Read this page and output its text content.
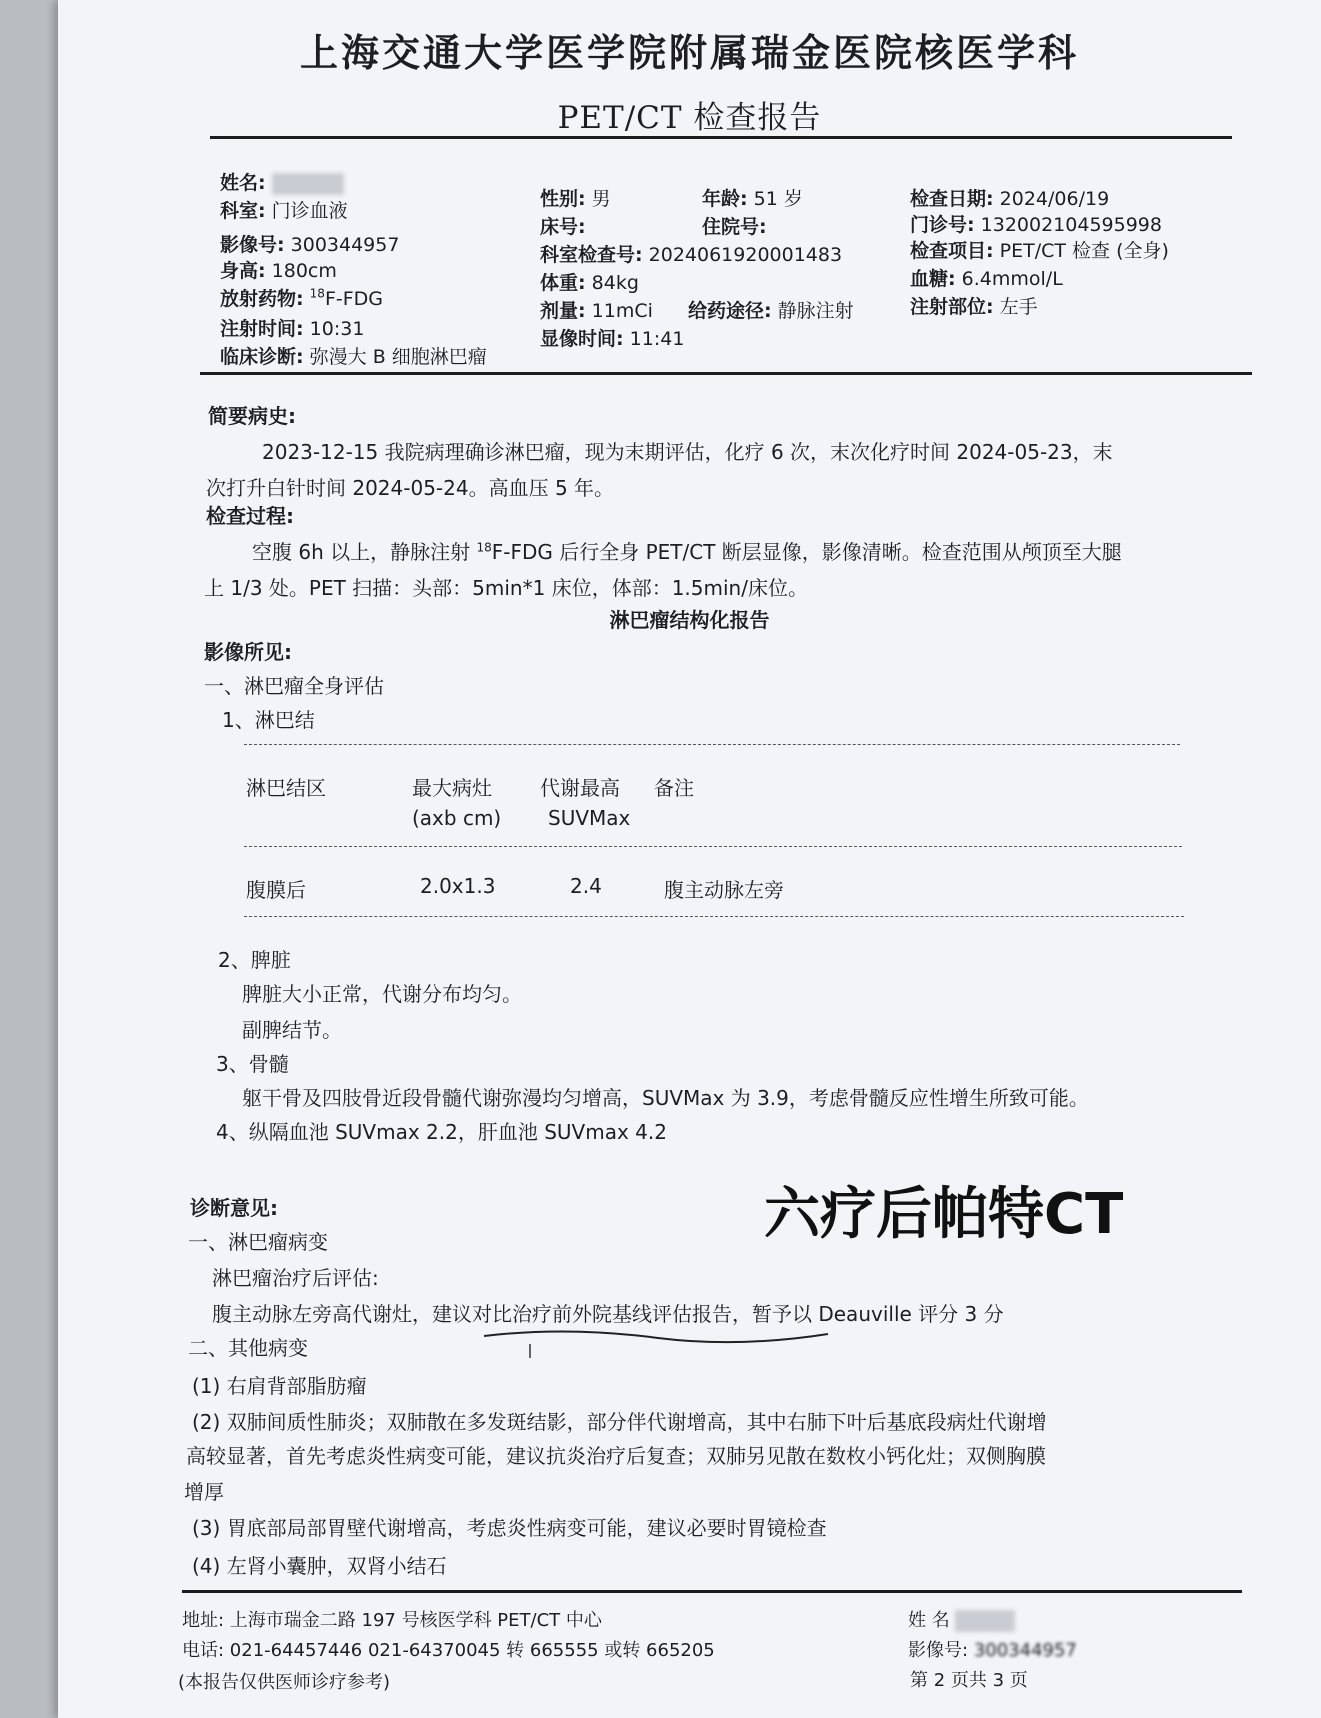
上海交通大学医学院附属瑞金医院核医学科
PET/CT 检查报告
姓名:
科室: 门诊血液
影像号: 300344957
身高: 180cm
放射药物: $^{18}$F-FDG
注射时间: 10:31
临床诊断: 弥漫大 B 细胞淋巴瘤
性别: 男	年龄: 51 岁
床号:	住院号:
科室检查号: 2024061920001483
体重: 84kg
剂量: 11mCi 给药途径: 静脉注射
显像时间: 11:41
检查日期: 2024/06/19
门诊号: 132002104595998
检查项目: PET/CT 检查 (全身)
血糖: 6.4mmol/L
注射部位: 左手
简要病史:
2023-12-15 我院病理确诊淋巴瘤，现为末期评估，化疗 6 次，末次化疗时间 2024-05-23，末
次打升白针时间 2024-05-24。高血压 5 年。
检查过程:
空腹 6h 以上，静脉注射 $^{18}$F-FDG 后行全身 PET/CT 断层显像，影像清晰。检查范围从颅顶至大腿
上 1/3 处。PET 扫描：头部：5min*1 床位，体部：1.5min/床位。
淋巴瘤结构化报告
影像所见:
一、淋巴瘤全身评估
1、淋巴结
淋巴结区	最大病灶 代谢最高 备注
(axb cm) SUVMax
腹膜后	2.0x1.3	2.4	腹主动脉左旁
2、脾脏
脾脏大小正常，代谢分布均匀。
副脾结节。
3、骨髓
躯干骨及四肢骨近段骨髓代谢弥漫均匀增高，SUVMax 为 3.9，考虑骨髓反应性增生所致可能。
4、纵隔血池 SUVmax 2.2，肝血池 SUVmax 4.2
诊断意见:	六疗后帕特CT
一、淋巴瘤病变
淋巴瘤治疗后评估:
腹主动脉左旁高代谢灶，建议对比治疗前外院基线评估报告，暂予以 Deauville 评分 3 分
二、其他病变
(1) 右肩背部脂肪瘤
(2) 双肺间质性肺炎；双肺散在多发斑结影，部分伴代谢增高，其中右肺下叶后基底段病灶代谢增
高较显著，首先考虑炎性病变可能，建议抗炎治疗后复查；双肺另见散在数枚小钙化灶；双侧胸膜
增厚
(3) 胃底部局部胃壁代谢增高，考虑炎性病变可能，建议必要时胃镜检查
(4) 左肾小囊肿，双肾小结石
地址: 上海市瑞金二路 197 号核医学科 PET/CT 中心
电话: 021-64457446 021-64370045 转 665555 或转 665205
(本报告仅供医师诊疗参考)
姓 名
影像号: 300344957
第 2 页共 3 页
